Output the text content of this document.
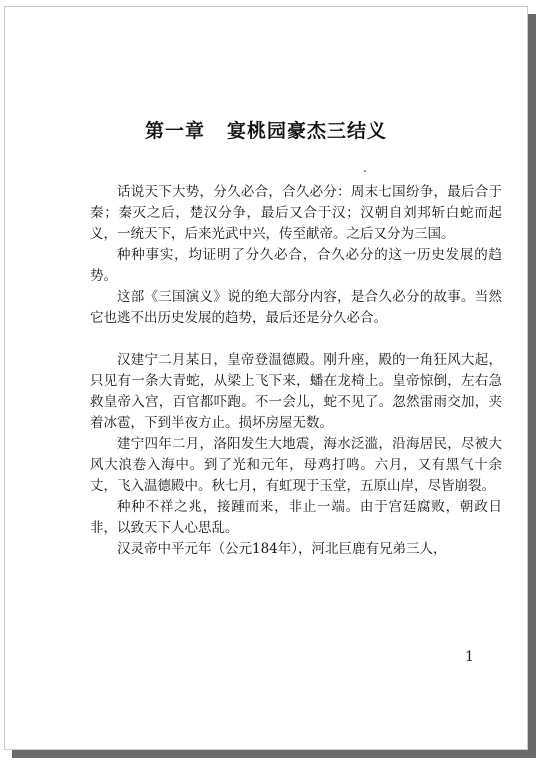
第一章 宴桃园豪杰三结义

话说天下大势，分久必合，合久必分：周末七国纷争，最后合于秦；秦灭之后，楚汉分争，最后又合于汉；汉朝自刘邦斩白蛇而起义，一统天下，后来光武中兴，传至献帝。之后又分为三国。

种种事实，均证明了分久必合，合久必分的这一历史发展的趋势。

这部《三国演义》说的绝大部分内容，是合久必分的故事。当然它也逃不出历史发展的趋势，最后还是分久必合。

汉建宁二月某日，皇帝登温德殿。刚升座，殿的一角狂风大起，只见有一条大青蛇，从梁上飞下来，蟠在龙椅上。皇帝惊倒，左右急救皇帝入宫，百官都吓跑。不一会儿，蛇不见了。忽然雷雨交加，夹着冰雹，下到半夜方止。损坏房屋无数。

建宁四年二月，洛阳发生大地震，海水泛滥，沿海居民，尽被大风大浪卷入海中。到了光和元年，母鸡打鸣。六月，又有黑气十余丈，飞入温德殿中。秋七月，有虹现于玉堂，五原山岸，尽皆崩裂。

种种不祥之兆，接踵而来，非止一端。由于宫廷腐败，朝政日非，以致天下人心思乱。

汉灵帝中平元年（公元184年），河北巨鹿有兄弟三人，

1
